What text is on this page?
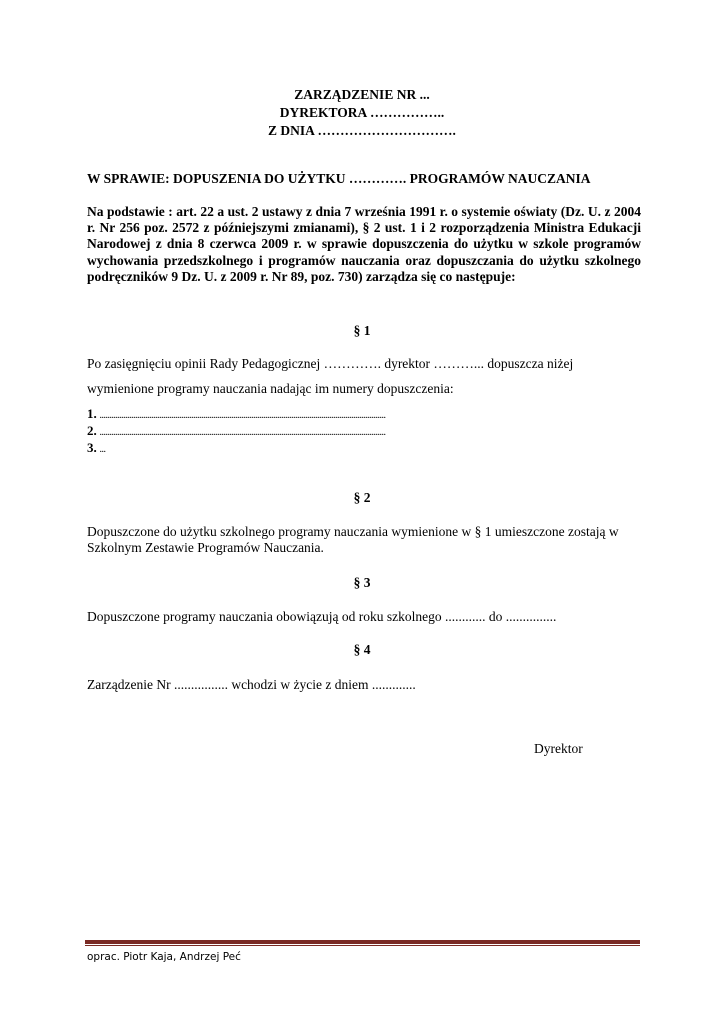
ZARZĄDZENIE NR ...
DYREKTORA ……………..
Z DNIA ………………………….
W SPRAWIE: DOPUSZENIA DO UŻYTKU …………. PROGRAMÓW NAUCZANIA
Na podstawie : art. 22 a ust. 2 ustawy z dnia 7 września 1991 r. o systemie oświaty (Dz. U. z 2004 r. Nr 256 poz. 2572 z późniejszymi zmianami), § 2 ust. 1 i 2 rozporządzenia Ministra Edukacji Narodowej z dnia 8 czerwca 2009 r. w sprawie dopuszczenia do użytku w szkole programów wychowania przedszkolnego i programów nauczania oraz dopuszczania do użytku szkolnego podręczników 9 Dz. U. z 2009 r. Nr 89, poz. 730) zarządza się co następuje:
§ 1
Po zasięgnięciu opinii Rady Pedagogicznej …………. dyrektor ………... dopuszcza niżej
wymienione programy nauczania nadając im numery dopuszczenia:
1. ...............................................................................................................................................
2. ...............................................................................................................................................
3. ...
§ 2
Dopuszczone do użytku szkolnego programy nauczania wymienione w § 1 umieszczone zostają w Szkolnym Zestawie Programów Nauczania.
§ 3
Dopuszczone programy nauczania obowiązują od roku szkolnego ............ do ...............
§ 4
Zarządzenie Nr ................ wchodzi w życie z dniem .............
Dyrektor
oprac. Piotr Kaja, Andrzej Peć
